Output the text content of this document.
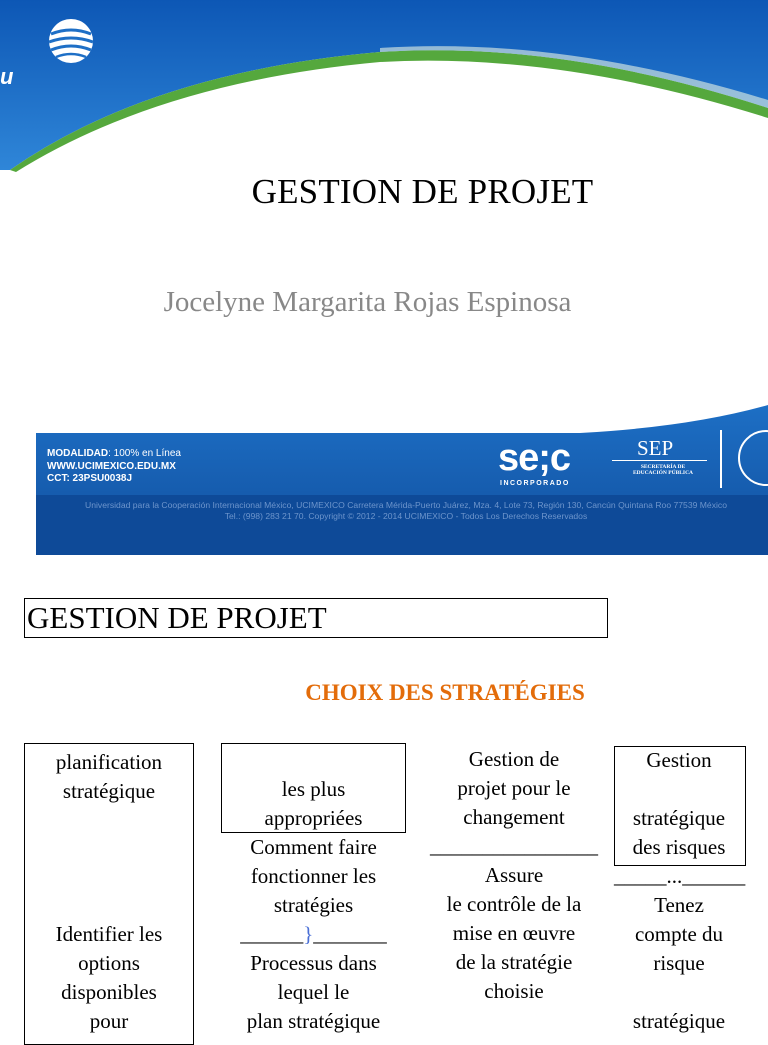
u
GESTION DE PROJET
Jocelyne Margarita Rojas Espinosa
MODALIDAD: 100% en Línea
WWW.UCIMEXICO.EDU.MX
CCT: 23PSU0038J
Universidad para la Cooperación Internacional México, UCIMEXICO Carretera Mérida-Puerto Juárez, Mza. 4, Lote 73, Región 130, Cancún Quintana Roo 77539 México
Tel.: (998) 283 21 70. Copyright © 2012 - 2014 UCIMEXICO - Todos Los Derechos Reservados
se;c
INCORPORADO
SEP
SECRETARÍA DE EDUCACIÓN PÚBLICA
GESTION DE PROJET
CHOIX DES STRATÉGIES

planification

stratégique

Identifier les

options

disponibles

pour

les plus

appropriées

Comment faire

fonctionner les

stratégies

______}_______

Processus dans

lequel le

plan stratégique

Gestion de

projet pour le

changement

________________

Assure

le contrôle de la

mise en œuvre

de la stratégie

choisie

Gestion

stratégique

des risques

_____...______

Tenez

compte du

risque

stratégique
